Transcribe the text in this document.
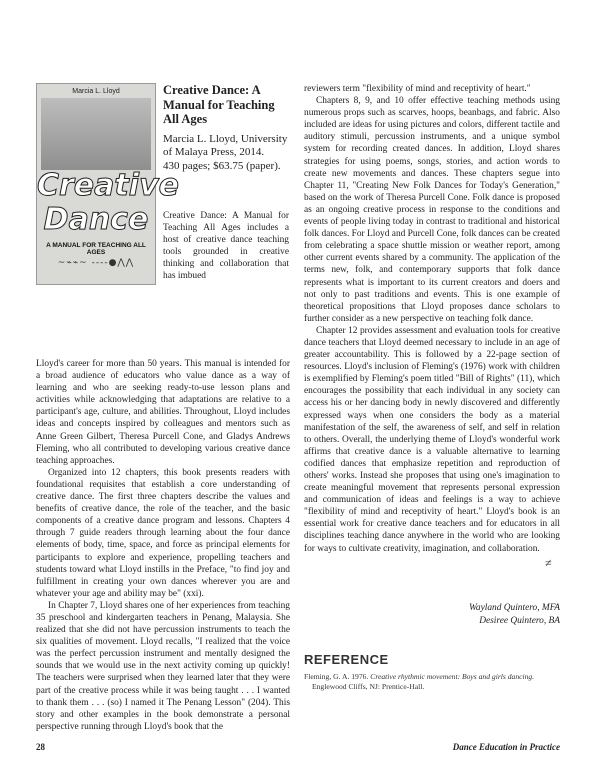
Marcia L. Lloyd
Creative
Dance
A MANUAL FOR TEACHING ALL AGES
~⌁⌁~ ----●⋀⋀
Creative Dance: A Manual for Teaching All Ages
Marcia L. Lloyd, University of Malaya Press, 2014.
430 pages; $63.75 (paper).

Creative Dance: A Manual for Teaching All Ages includes a host of creative dance teaching tools grounded in creative thinking and collaboration that has imbued

Lloyd's career for more than 50 years. This manual is intended for a broad audience of educators who value dance as a way of learning and who are seeking ready-to-use lesson plans and activities while acknowledging that adaptations are relative to a participant's age, culture, and abilities. Throughout, Lloyd includes ideas and concepts inspired by colleagues and mentors such as Anne Green Gilbert, Theresa Purcell Cone, and Gladys Andrews Fleming, who all contributed to developing various creative dance teaching approaches.

Organized into 12 chapters, this book presents readers with foundational requisites that establish a core understanding of creative dance. The first three chapters describe the values and benefits of creative dance, the role of the teacher, and the basic components of a creative dance program and lessons. Chapters 4 through 7 guide readers through learning about the four dance elements of body, time, space, and force as principal elements for participants to explore and experience, propelling teachers and students toward what Lloyd instills in the Preface, "to find joy and fulfillment in creating your own dances wherever you are and whatever your age and ability may be" (xxi).

In Chapter 7, Lloyd shares one of her experiences from teaching 35 preschool and kindergarten teachers in Penang, Malaysia. She realized that she did not have percussion instruments to teach the six qualities of movement. Lloyd recalls, "I realized that the voice was the perfect percussion instrument and mentally designed the sounds that we would use in the next activity coming up quickly! The teachers were surprised when they learned later that they were part of the creative process while it was being taught . . . I wanted to thank them . . . (so) I named it The Penang Lesson" (204). This story and other examples in the book demonstrate a personal perspective running through Lloyd's book that the

reviewers term "flexibility of mind and receptivity of heart."

Chapters 8, 9, and 10 offer effective teaching methods using numerous props such as scarves, hoops, beanbags, and fabric. Also included are ideas for using pictures and colors, different tactile and auditory stimuli, percussion instruments, and a unique symbol system for recording created dances. In addition, Lloyd shares strategies for using poems, songs, stories, and action words to create new movements and dances. These chapters segue into Chapter 11, "Creating New Folk Dances for Today's Generation," based on the work of Theresa Purcell Cone. Folk dance is proposed as an ongoing creative process in response to the conditions and events of people living today in contrast to traditional and historical folk dances. For Lloyd and Purcell Cone, folk dances can be created from celebrating a space shuttle mission or weather report, among other current events shared by a community. The application of the terms new, folk, and contemporary supports that folk dance represents what is important to its current creators and doers and not only to past traditions and events. This is one example of theoretical propositions that Lloyd proposes dance scholars to further consider as a new perspective on teaching folk dance.

Chapter 12 provides assessment and evaluation tools for creative dance teachers that Lloyd deemed necessary to include in an age of greater accountability. This is followed by a 22-page section of resources. Lloyd's inclusion of Fleming's (1976) work with children is exemplified by Fleming's poem titled "Bill of Rights" (11), which encourages the possibility that each individual in any society can access his or her dancing body in newly discovered and differently expressed ways when one considers the body as a material manifestation of the self, the awareness of self, and self in relation to others. Overall, the underlying theme of Lloyd's wonderful work affirms that creative dance is a valuable alternative to learning codified dances that emphasize repetition and reproduction of others' works. Instead she proposes that using one's imagination to create meaningful movement that represents personal expression and communication of ideas and feelings is a way to achieve "flexibility of mind and receptivity of heart." Lloyd's book is an essential work for creative dance teachers and for educators in all disciplines teaching dance anywhere in the world who are looking for ways to cultivate creativity, imagination, and collaboration.

≠
Wayland Quintero, MFA
Desiree Quintero, BA
REFERENCE
Fleming, G. A. 1976. Creative rhythmic movement: Boys and girls dancing. Englewood Cliffs, NJ: Prentice-Hall.
28	Dance Education in Practice
